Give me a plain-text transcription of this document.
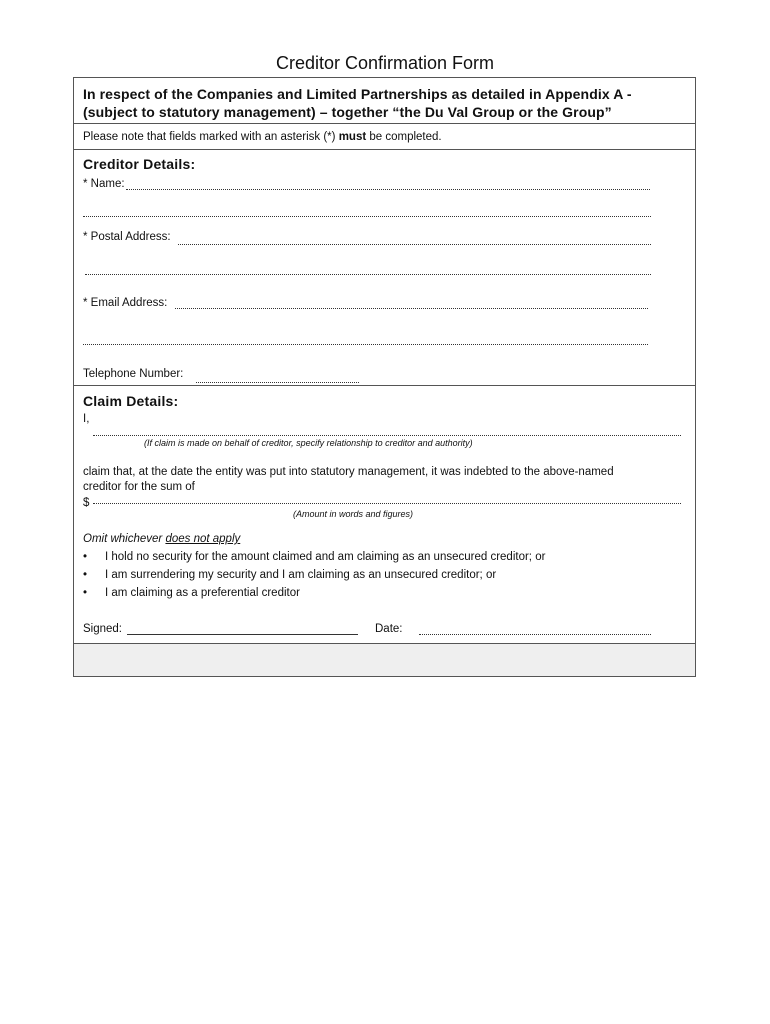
Creditor Confirmation Form
In respect of the Companies and Limited Partnerships as detailed in Appendix A -
(subject to statutory management) – together “the Du Val Group or the Group”
Please note that fields marked with an asterisk (*) must be completed.
Creditor Details:
* Name:
* Postal Address:
* Email Address:
Telephone Number:
Claim Details:
I,
(If claim is made on behalf of creditor, specify relationship to creditor and authority)
claim that, at the date the entity was put into statutory management, it was indebted to the above-named
creditor for the sum of
$
(Amount in words and figures)
Omit whichever does not apply
• I hold no security for the amount claimed and am claiming as an unsecured creditor; or
• I am surrendering my security and I am claiming as an unsecured creditor; or
• I am claiming as a preferential creditor
Signed:	Date:
